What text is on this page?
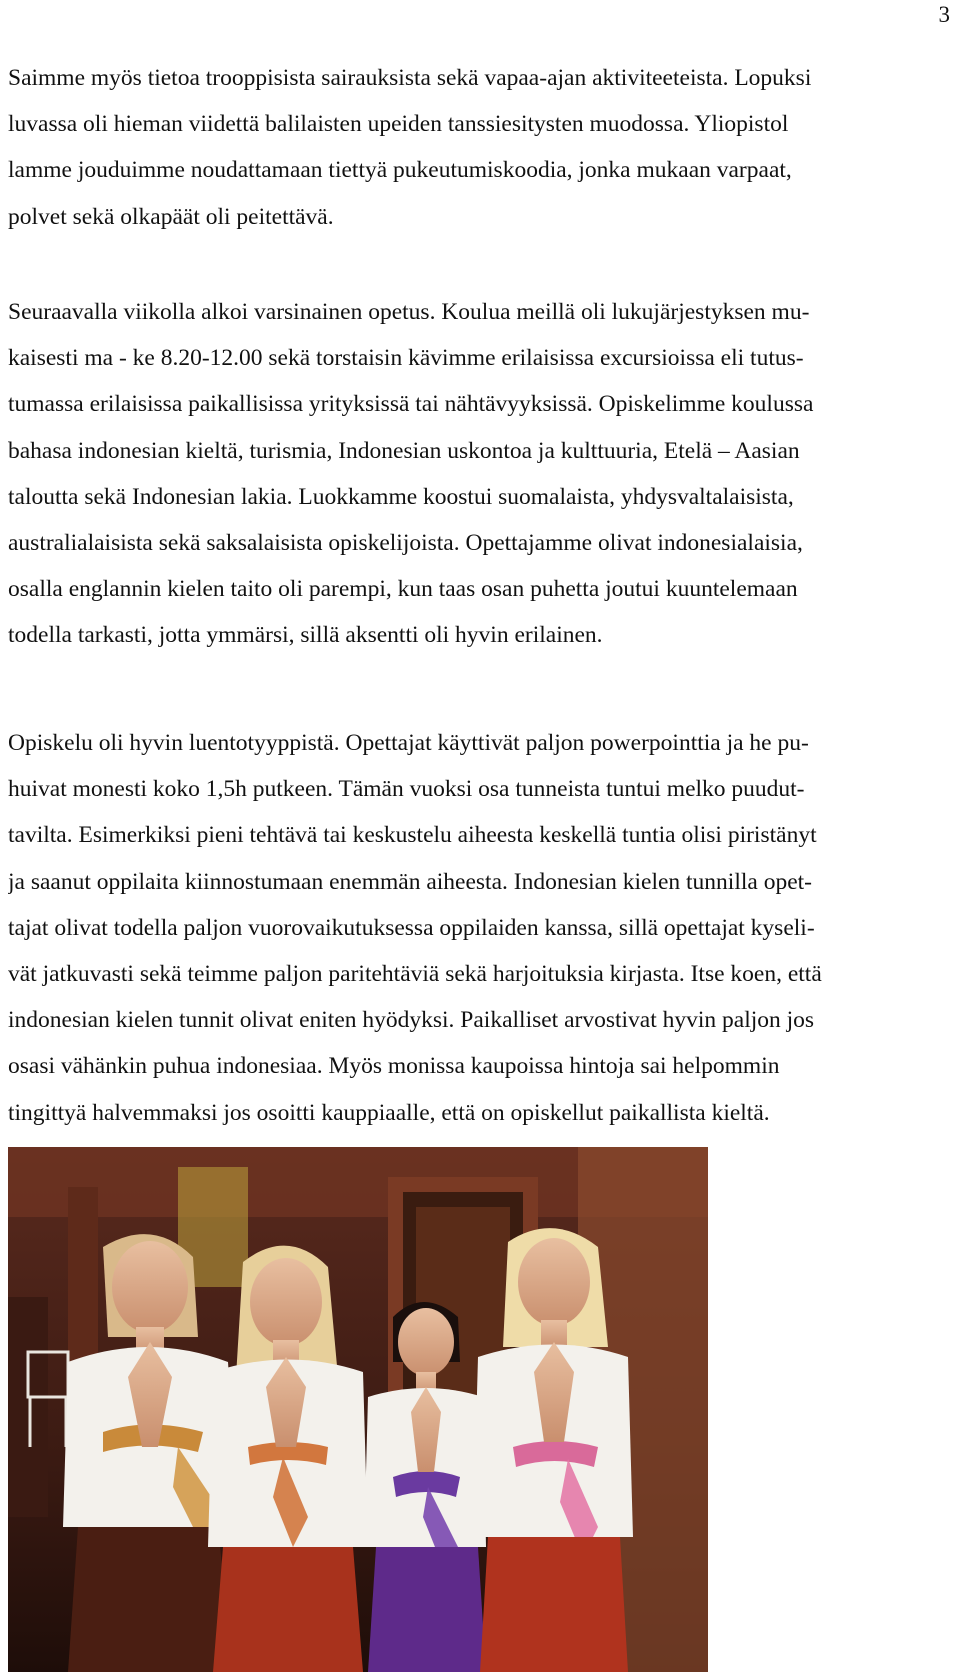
3
Saimme myös tietoa trooppisista sairauksista sekä vapaa-ajan aktiviteeteista. Lopuksi
luvassa oli hieman viidettä balilaisten upeiden tanssiesitysten muodossa. Yliopistol
lamme jouduimme noudattamaan tiettyä pukeutumiskoodia, jonka mukaan varpaat,
polvet sekä olkapäät oli peitettävä.
Seuraavalla viikolla alkoi varsinainen opetus. Koulua meillä oli lukujärjestyksen mu-
kaisesti ma - ke 8.20-12.00 sekä torstaisin kävimme erilaisissa excursioissa eli tutus-
tumassa erilaisissa paikallisissa yrityksissä tai nähtävyyksissä. Opiskelimme koulussa
bahasa indonesian kieltä, turismia, Indonesian uskontoa ja kulttuuria, Etelä – Aasian
taloutta sekä Indonesian lakia. Luokkamme koostui suomalaista, yhdysvaltalaisista,
australialaisista sekä saksalaisista opiskelijoista. Opettajamme olivat indonesialaisia,
osalla englannin kielen taito oli parempi, kun taas osan puhetta joutui kuuntelemaan
todella tarkasti, jotta ymmärsi, sillä aksentti oli hyvin erilainen.
Opiskelu oli hyvin luentotyyppistä. Opettajat käyttivät paljon powerpointtia ja he pu-
huivat monesti koko 1,5h putkeen. Tämän vuoksi osa tunneista tuntui melko puudut-
tavilta. Esimerkiksi pieni tehtävä tai keskustelu aiheesta keskellä tuntia olisi piristänyt
ja saanut oppilaita kiinnostumaan enemmän aiheesta. Indonesian kielen tunnilla opet-
tajat olivat todella paljon vuorovaikutuksessa oppilaiden kanssa, sillä opettajat kyseli-
vät jatkuvasti sekä teimme paljon paritehtäviä sekä harjoituksia kirjasta. Itse koen, että
indonesian kielen tunnit olivat eniten hyödyksi. Paikalliset arvostivat hyvin paljon jos
osasi vähänkin puhua indonesiaa. Myös monissa kaupoissa hintoja sai helpommin
tingittyä halvemmaksi jos osoitti kauppiaalle, että on opiskellut paikallista kieltä.
